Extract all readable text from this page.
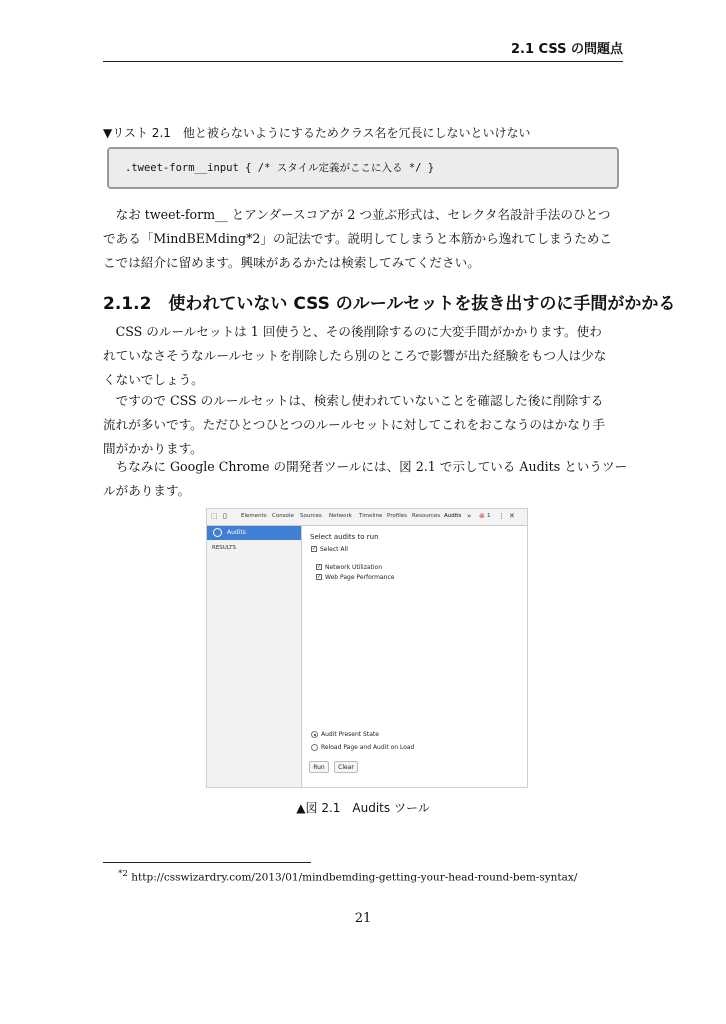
2.1 CSS の問題点
▼リスト 2.1　他と被らないようにするためクラス名を冗長にしないといけない
.tweet-form__input { /* スタイル定義がここに入る */ }
　なお tweet-form__ とアンダースコアが 2 つ並ぶ形式は、セレクタ名設計手法のひとつ
である「MindBEMding*2」の記法です。説明してしまうと本筋から逸れてしまうためこ
こでは紹介に留めます。興味があるかたは検索してみてください。
2.1.2　使われていない CSS のルールセットを抜き出すのに手間がかかる
　CSS のルールセットは 1 回使うと、その後削除するのに大変手間がかかります。使わ
れていなさそうなルールセットを削除したら別のところで影響が出た経験をもつ人は少な
くないでしょう。
　ですので CSS のルールセットは、検索し使われていないことを確認した後に削除する
流れが多いです。ただひとつひとつのルールセットに対してこれをおこなうのはかなり手
間がかかります。
　ちなみに Google Chrome の開発者ツールには、図 2.1 で示している Audits というツー
ルがあります。
⬚ ▯	Elements Console Sources Network Timeline Profiles Resources Audits » ⊗ 1 ⋮ ✕
Audits
RESULTS
Select audits to run
✓ Select All
✓ Network Utilization
✓ Web Page Performance
Audit Present State
Reload Page and Audit on Load
Run	Clear
▲図 2.1　Audits ツール
$^{*2}$ http://csswizardry.com/2013/01/mindbemding-getting-your-head-round-bem-syntax/
21
